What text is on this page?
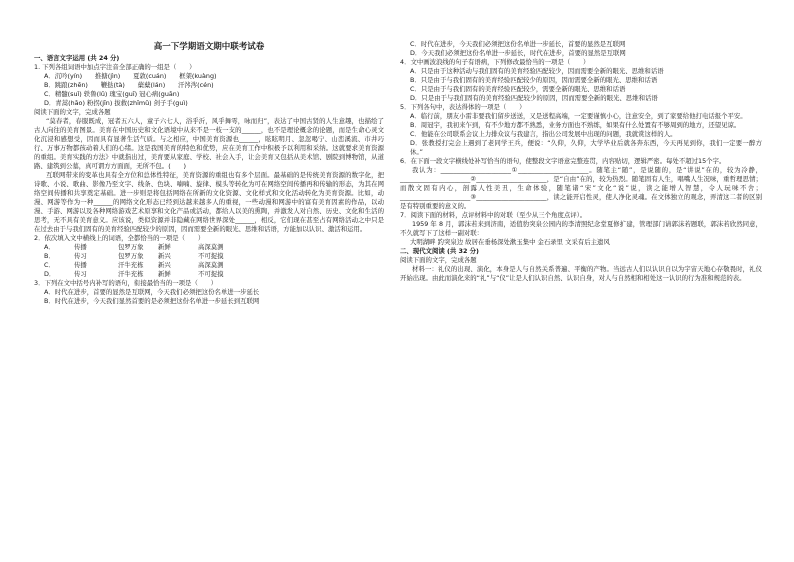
高一下学期语文期中联考试卷

一、语言文字运用 (共 24 分)

1. 下列各组词语中加点字注音全部正确的一组是（　　）

A．沉吟(yín)　　推搪(jìn)　　夏敦(cuán)　　框架(kuàng)

B．跳踉(zhēn)　　鞭挞(tà)　　蘖蘖(lán)　　汗涔涔(cén)

C．精髓(suǐ) 轶鲁(lǔ) 瑰宝(guī) 冠心病(guān)

D．青蒿(hāo) 粉拐(jīn) 拔救(zhīmǔ) 剑子手(guì)

阅读下面的文字，完成各题

“莫春者，春服既成，冠者五六人，童子六七人，浴乎沂，风乎舞雩，咏而归”，表达了中国古贤的人生意趣，也描绘了古人向往的美育图景。美育在中国历史和文化语境中从来不是一枝一支的______，也不是理论概念的论题，而是生命心灵文化沉浸和感想受，因而具有显著生活气质。与之相应，中国美育资源也______，眩眩明月、忽忽喝宁、山峦溪流、市井巧行、万事万物都孩动着人们的心绪。这是我国美育的特色和优势，应在美育工作中积极予以利用和采纳。这就要求美育资源的重组。美育实践的方法》中就指出过，美育要从家庭、学校、社会入手，让会美育又包括从美术馆、剧院到博物馆，从道路、建筑到公墓，真可谓方方面面，无所不包。(　　)

互联网带来的变革也具有全方位和总体性特征，美育资源的重组也有多个层面。最基础的是传统美育资源的数字化，把诗歌、小说、歌曲、影像乃至文字、线条、色块、喃喃、旋律、模头等转化为可在网络空间传播再和传输的形态，为其在网络空间传播和共享奠定基础。进一步则是将包括网络在所新的文化资源、文化样式和文化活动转化为美育资源。比如，动漫、网游等作为一种______的网络文化形态已经到达越来越多人的重视，一些动漫和网游中的富有美育因素的作品，以动漫、手游、网游以及各种网络游戏艺术原享和文化产品或活动，都给人以美的熏陶，并激发人对自然、历史、文化和生活的思考，无不具有美育意义。应该说，类似资源并非隐藏在网络世界深处______，相反，它们现在甚至占有网络活动之中只是在过去由于与我们固有的美育经验匹配较少的原因，因而需要全新的眼光、思维和话语，方能加以认识、激活和运用。

2．依次填入文中横线上的词语，全都恰当的一项是（　　）

A．	传播	包罗万象	新鲜	高深莫测
B．	传习	包罗万象	新兴	不可捉摸
C．	传播	汗牛充栋	新兴	高深莫测
D．	传习	汗牛充栋	新鲜	不可捉摸

3．下列在文中括号内补写的语句，衔接最恰当的一项是（　　）

A．时代在进步，首要的显然是互联网，今天我们必须把这份名单进一步延长

B．时代在进步，今天我们显然首要的是必须把这份名单进一步延长到互联网

C．时代在进步，今天我们必须把这份名单进一步延长，首要的显然是互联网

D．今天我们必须把这份名单进一步延长，时代在进步，首要的显然是互联网

4．文中画波浪线的句子有语病，下列修改最恰当的一项是（　　）

A．只是由于这种活动与我们固有的美育经验匹配较少，因而需要全新的眼光、思维和话语

B．只是由于与我们固有的美育经验匹配较少的原因，因而需要全新的眼光、思维和话语

C．只是由于与我们固有的美育经验匹配较少，需要全新的眼光、思维和话语

D．只是由于与我们固有的美育经验匹配较少的原因，因而需要全新的眼光、思维和话语

5．下列各句中，表达得体的一项是（　　）

A．临行前，朋友小雷非要我们留步送送，又是送程高端，一定要谨慎小心，注意安全，到了家要给他打电话报个平安。

B．周冠宇，我初来乍到，有不少地方都不熟悉，业务方面也不熟练，如果有什么处置有不够周到的地方，还望见谅。

C．他能在公司联系会议上力排众议与我建言，指出公司发展中出现的问题，我就赏这样的人。

D．张教授打完会上遇到了老同学王兵，便说：“久仰，久仰，大学毕业后就各奔东西，今天再见到你，我们一定要一醉方休。”

6．在下面一段文字横线处补写恰当的语句，使整段文字语意完整连贯，内容贴切，逻辑严密。每处不超过15个字。

我认为：______________________①______________________。随笔主“随”，是说随的，是“讲说”在的，较为冷静，______________________②______________________，是“自由”在的，较为热烈。随笔固有人生，唱嘴人生况味，重哲理思情；而散文固有内心，剖露人性美丑，生命体验，随笔诸“宋”文化“说”说，读之能增人智慧，令人玩味不舍；______________________③______________________，读之能开启性灵，使人净化灵魂。在文体独立的观念，弄清这二者的区别是有特别重要的意义的。

7．阅读下面的材料，点评材料中的对联（至少从三个角度点评）。

1959 年 8 月，郭沫若来到济南，适值豹突泉公园内的李清照纪念堂夏修扩建，管理部门请郭沫若题联，郭沫若欣然同意，不久就写下了这样一副对联：

大明湖畔 趵突泉边 故居在垂杨深处漱玉集中 金石录里 文采有后主遗风

二、现代文阅读 (共 32 分)

阅读下面的文字，完成各题

材料一：礼仪的出现、演化，本身是人与自然关系普遍、平衡的产物。当远古人们以认识自以为宇宙天地心存敬畏时，礼仪开始出现。由此而演化来的“礼”与“仪”让是人们认识自然、认识自身，对人与自然相和相处这一认识的行为准和规范的表。
